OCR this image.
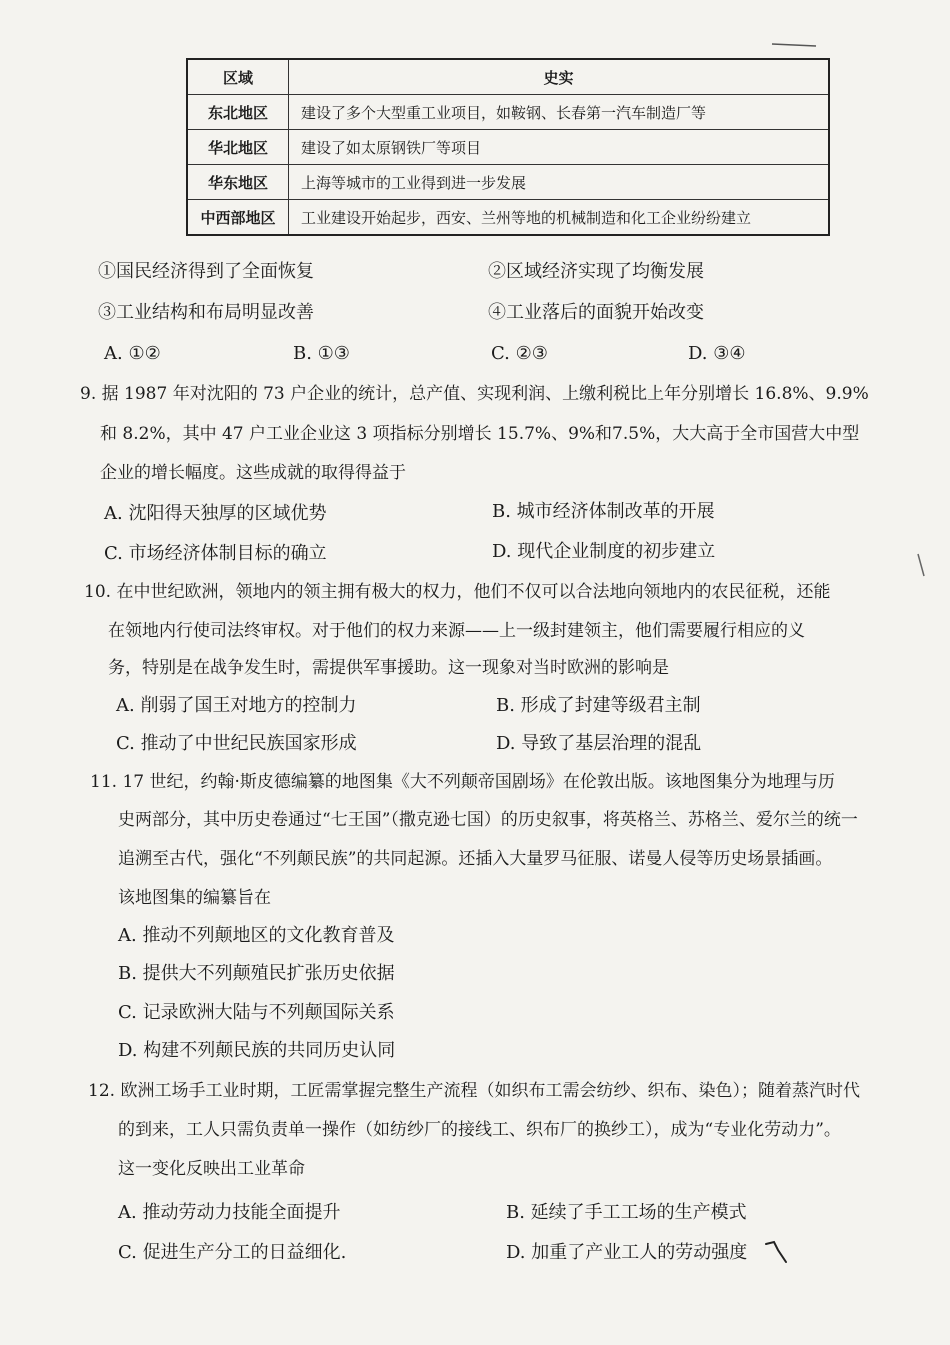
区域	史实
东北地区	建设了多个大型重工业项目，如鞍钢、长春第一汽车制造厂等
华北地区	建设了如太原钢铁厂等项目
华东地区	上海等城市的工业得到进一步发展
中西部地区	工业建设开始起步，西安、兰州等地的机械制造和化工企业纷纷建立
①国民经济得到了全面恢复	②区域经济实现了均衡发展
③工业结构和布局明显改善	④工业落后的面貌开始改变
A. ①②	B. ①③	C. ②③	D. ③④
9. 据 1987 年对沈阳的 73 户企业的统计，总产值、实现利润、上缴利税比上年分别增长 16.8%、9.9%
和 8.2%，其中 47 户工业企业这 3 项指标分别增长 15.7%、9%和7.5%，大大高于全市国营大中型
企业的增长幅度。这些成就的取得得益于
A. 沈阳得天独厚的区域优势	B. 城市经济体制改革的开展
C. 市场经济体制目标的确立	D. 现代企业制度的初步建立
10. 在中世纪欧洲，领地内的领主拥有极大的权力，他们不仅可以合法地向领地内的农民征税，还能
在领地内行使司法终审权。对于他们的权力来源——上一级封建领主，他们需要履行相应的义
务，特别是在战争发生时，需提供军事援助。这一现象对当时欧洲的影响是
A. 削弱了国王对地方的控制力	B. 形成了封建等级君主制
C. 推动了中世纪民族国家形成	D. 导致了基层治理的混乱
11. 17 世纪，约翰·斯皮德编纂的地图集《大不列颠帝国剧场》在伦敦出版。该地图集分为地理与历
史两部分，其中历史卷通过“七王国”（撒克逊七国）的历史叙事，将英格兰、苏格兰、爱尔兰的统一
追溯至古代，强化“不列颠民族”的共同起源。还插入大量罗马征服、诺曼人侵等历史场景插画。
该地图集的编纂旨在
A. 推动不列颠地区的文化教育普及
B. 提供大不列颠殖民扩张历史依据
C. 记录欧洲大陆与不列颠国际关系
D. 构建不列颠民族的共同历史认同
12. 欧洲工场手工业时期，工匠需掌握完整生产流程（如织布工需会纺纱、织布、染色）；随着蒸汽时代
的到来，工人只需负责单一操作（如纺纱厂的接线工、织布厂的换纱工），成为“专业化劳动力”。
这一变化反映出工业革命
A. 推动劳动力技能全面提升	B. 延续了手工工场的生产模式
C. 促进生产分工的日益细化.	D. 加重了产业工人的劳动强度
